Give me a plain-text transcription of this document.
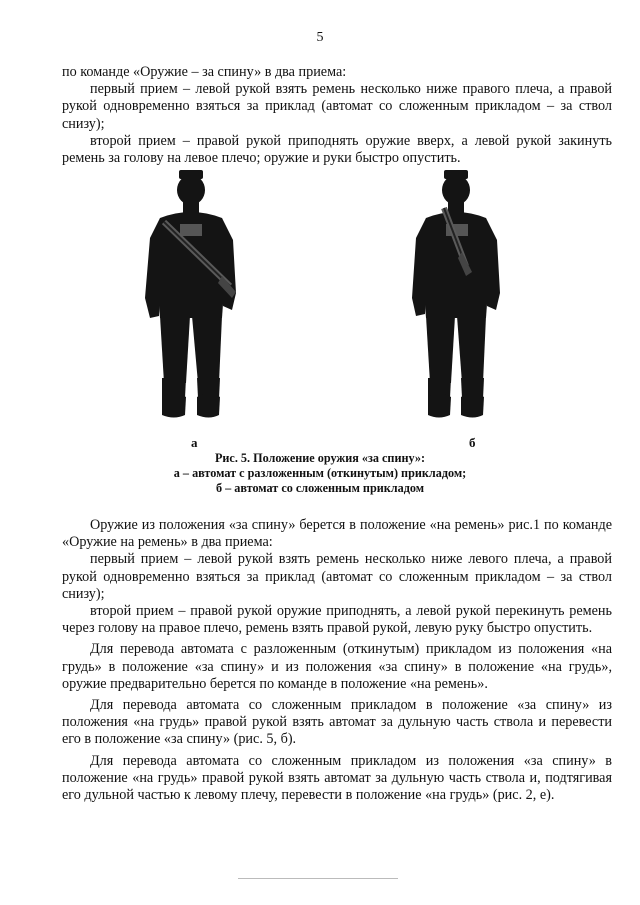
5

по команде «Оружие – за спину» в два приема:

первый прием – левой рукой взять ремень несколько ниже правого плеча, а правой рукой одновременно взяться за приклад (автомат со сложенным прикладом – за ствол снизу);

второй прием – правой рукой приподнять оружие вверх, а левой рукой закинуть ремень за голову на левое плечо; оружие и руки быстро опустить.

а	б
Рис. 5. Положение оружия «за спину»:
а – автомат с разложенным (откинутым) прикладом;
б – автомат со сложенным прикладом

Оружие из положения «за спину» берется в положение «на ремень» рис.1 по команде «Оружие на ремень» в два приема:

первый прием – левой рукой взять ремень несколько ниже левого плеча, а правой рукой одновременно взяться за приклад (автомат со сложенным прикладом – за ствол снизу);

второй прием – правой рукой оружие приподнять, а левой рукой перекинуть ремень через голову на правое плечо, ремень взять правой рукой, левую руку быстро опустить.

Для перевода автомата с разложенным (откинутым) прикладом из положения «на грудь» в положение «за спину» и из положения «за спину» в положение «на грудь», оружие предварительно берется по команде в положение «на ремень».

Для перевода автомата со сложенным прикладом в положение «за спину» из положения «на грудь» правой рукой взять автомат за дульную часть ствола и перевести его в положение «за спину» (рис. 5, б).

Для перевода автомата со сложенным прикладом из положения «за спину» в положение «на грудь» правой рукой взять автомат за дульную часть ствола и, подтягивая его дульной частью к левому плечу, перевести в положение «на грудь» (рис. 2, е).
